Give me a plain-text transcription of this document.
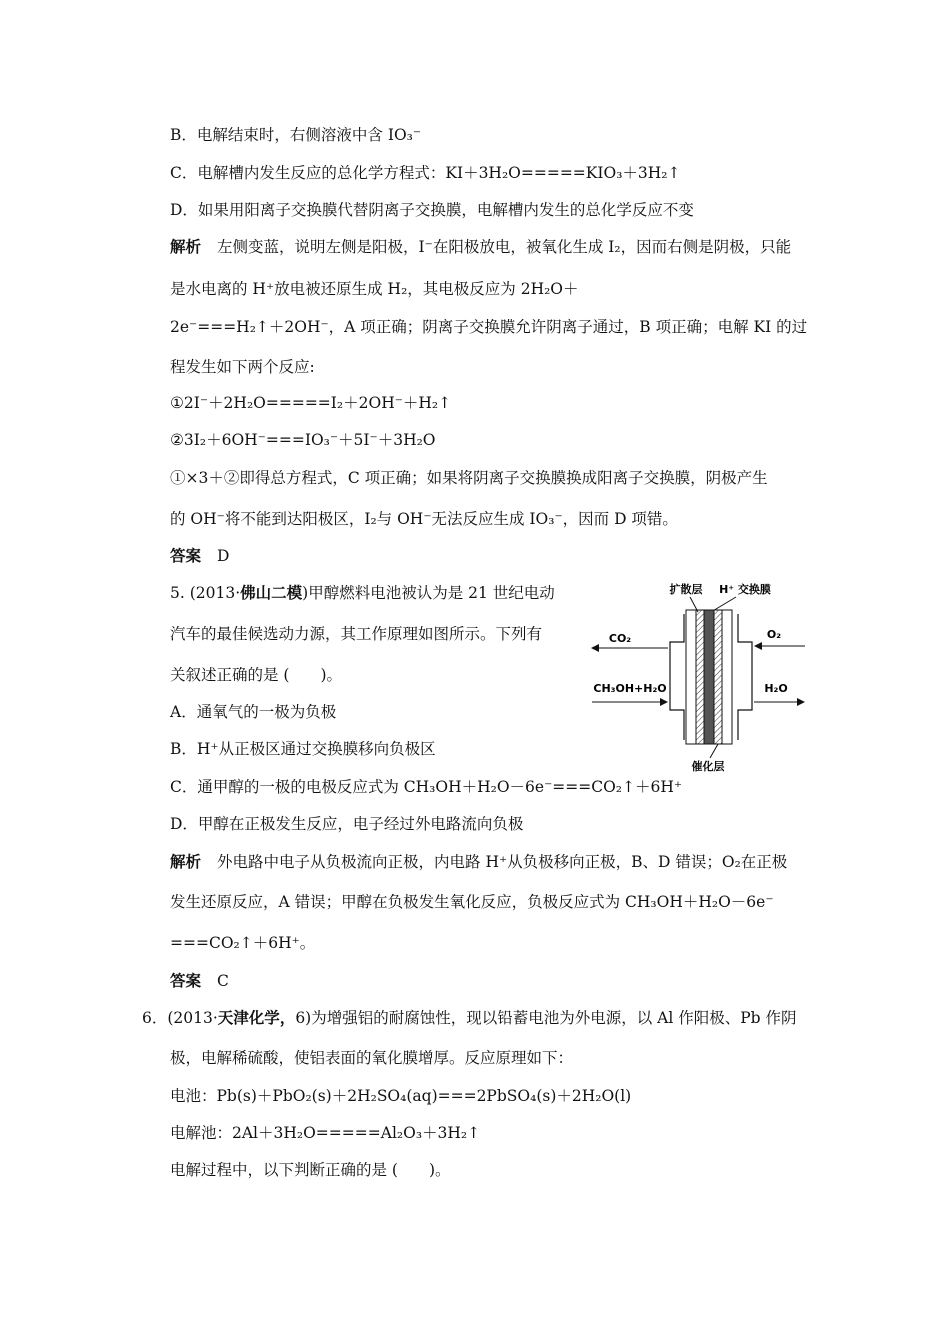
B．电解结束时，右侧溶液中含 IO₃⁻
C．电解槽内发生反应的总化学方程式：KI＋3H₂O=====KIO₃＋3H₂↑
D．如果用阳离子交换膜代替阴离子交换膜，电解槽内发生的总化学反应不变
解析 左侧变蓝，说明左侧是阳极，I⁻在阳极放电，被氧化生成 I₂，因而右侧是阴极，只能
是水电离的 H⁺放电被还原生成 H₂，其电极反应为 2H₂O＋
2e⁻===H₂↑＋2OH⁻，A 项正确；阴离子交换膜允许阴离子通过，B 项正确；电解 KI 的过
程发生如下两个反应:
①2I⁻＋2H₂O=====I₂＋2OH⁻＋H₂↑
②3I₂＋6OH⁻===IO₃⁻＋5I⁻＋3H₂O
①×3＋②即得总方程式，C 项正确；如果将阴离子交换膜换成阳离子交换膜，阴极产生
的 OH⁻将不能到达阳极区，I₂与 OH⁻无法反应生成 IO₃⁻，因而 D 项错。
答案 D
5. (2013·佛山二模)甲醇燃料电池被认为是 21 世纪电动
汽车的最佳候选动力源，其工作原理如图所示。下列有
关叙述正确的是 (　　)。
A．通氧气的一极为负极
B．H⁺从正极区通过交换膜移向负极区
C．通甲醇的一极的电极反应式为 CH₃OH＋H₂O－6e⁻===CO₂↑＋6H⁺
D．甲醇在正极发生反应，电子经过外电路流向负极
解析 外电路中电子从负极流向正极，内电路 H⁺从负极移向正极，B、D 错误；O₂在正极
发生还原反应，A 错误；甲醇在负极发生氧化反应，负极反应式为 CH₃OH＋H₂O－6e⁻
===CO₂↑＋6H⁺。
答案 C
扩散层 H⁺ 交换膜
CO₂	O₂
CH₃OH+H₂O	H₂O
催化层
6．(2013·天津化学，6)为增强铝的耐腐蚀性，现以铅蓄电池为外电源，以 Al 作阳极、Pb 作阴
极，电解稀硫酸，使铝表面的氧化膜增厚。反应原理如下：
电池：Pb(s)＋PbO₂(s)＋2H₂SO₄(aq)===2PbSO₄(s)＋2H₂O(l)
电解池：2Al＋3H₂O=====Al₂O₃＋3H₂↑
电解过程中，以下判断正确的是 (　　)。
